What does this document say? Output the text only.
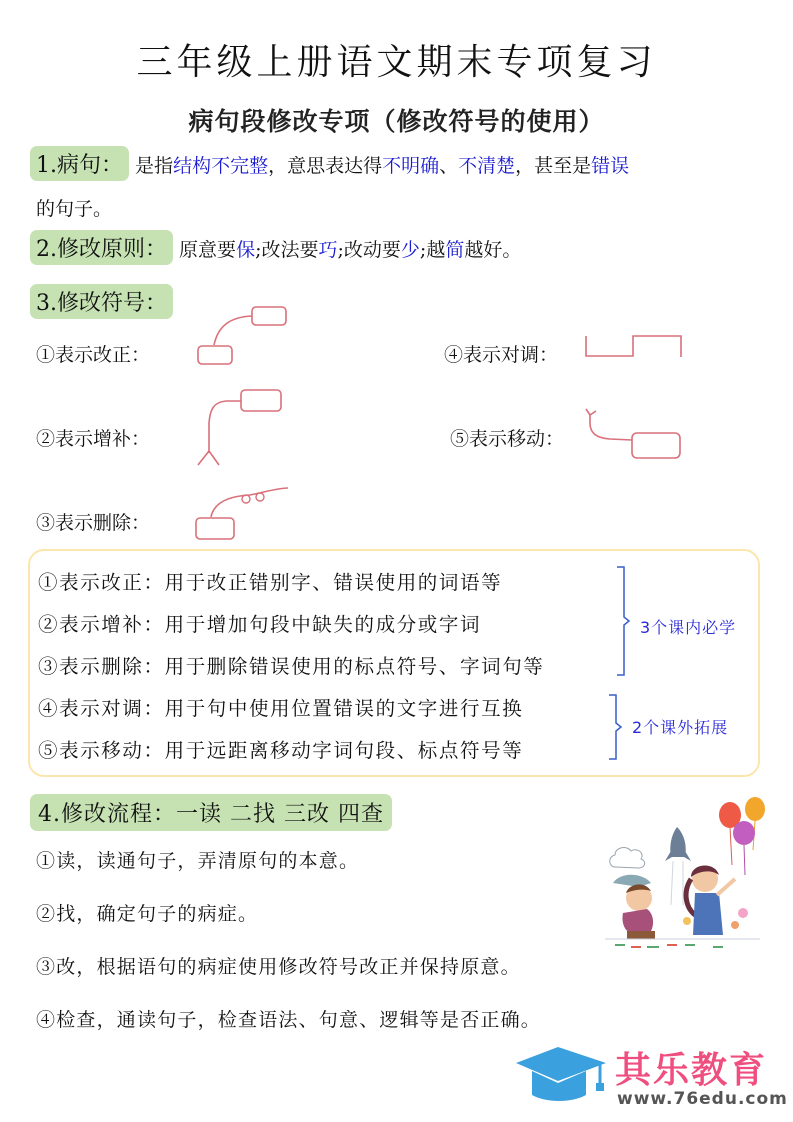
三年级上册语文期末专项复习
病句段修改专项（修改符号的使用）
1.病句： 是指结构不完整，意思表达得不明确、不清楚，甚至是错误
的句子。
2.修改原则： 原意要保;改法要巧;改动要少;越简越好。
3.修改符号：
①表示改正：
②表示增补：
③表示删除：
④表示对调：
⑤表示移动：
①表示改正：用于改正错别字、错误使用的词语等
②表示增补：用于增加句段中缺失的成分或字词
③表示删除：用于删除错误使用的标点符号、字词句等
④表示对调：用于句中使用位置错误的文字进行互换
⑤表示移动：用于远距离移动字词句段、标点符号等
3个课内必学
2个课外拓展
4.修改流程：一读 二找 三改 四查
①读，读通句子，弄清原句的本意。
②找，确定句子的病症。
③改，根据语句的病症使用修改符号改正并保持原意。
④检查，通读句子，检查语法、句意、逻辑等是否正确。
其乐教育
www.76edu.com
